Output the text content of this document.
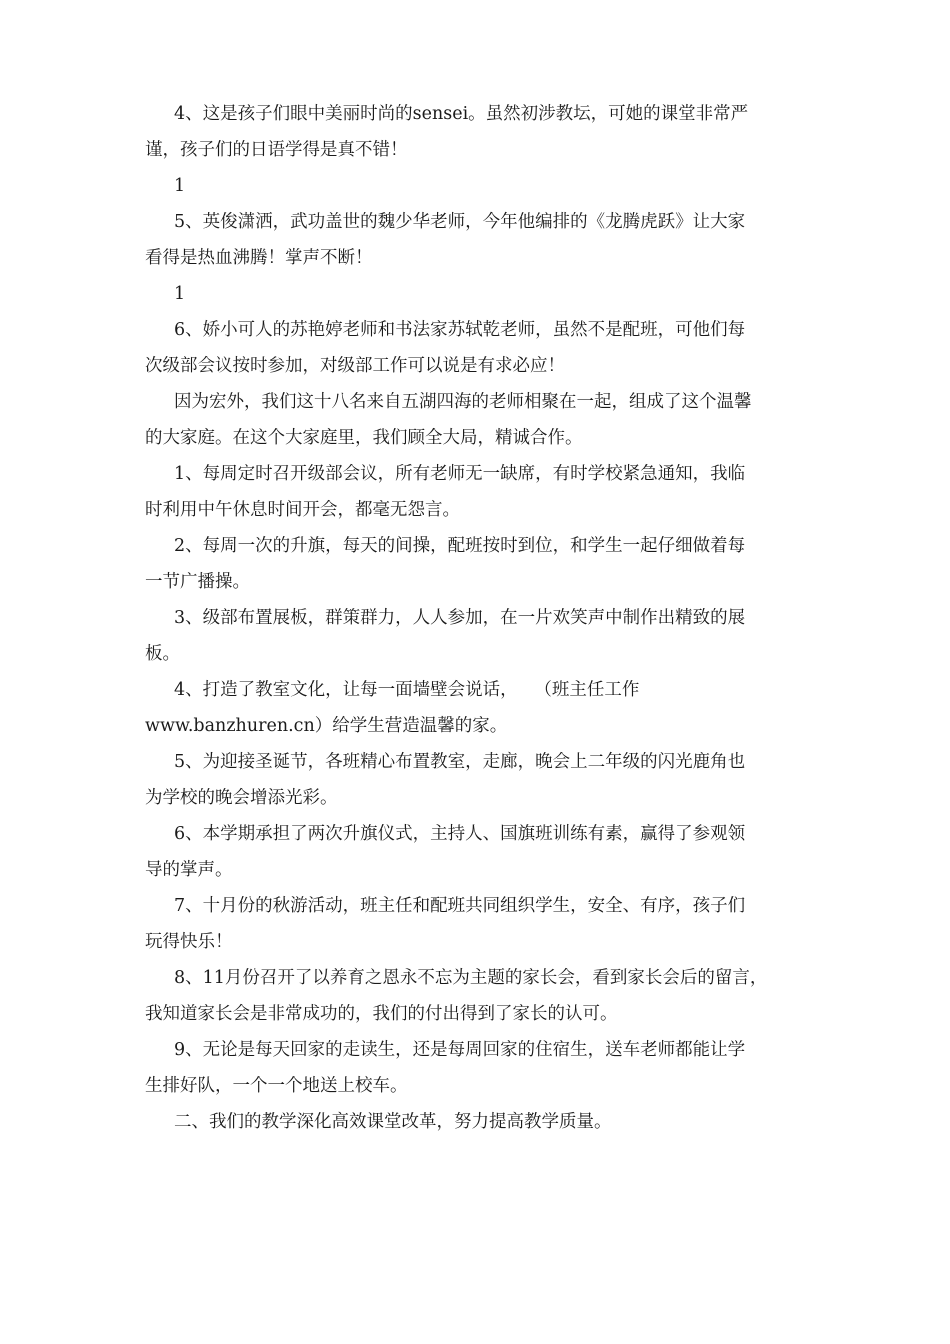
4、这是孩子们眼中美丽时尚的sensei。虽然初涉教坛，可她的课堂非常严
谨，孩子们的日语学得是真不错！
1
5、英俊潇洒，武功盖世的魏少华老师，今年他编排的《龙腾虎跃》让大家
看得是热血沸腾！掌声不断！
1
6、娇小可人的苏艳婷老师和书法家苏轼乾老师，虽然不是配班，可他们每
次级部会议按时参加，对级部工作可以说是有求必应！
因为宏外，我们这十八名来自五湖四海的老师相聚在一起，组成了这个温馨
的大家庭。在这个大家庭里，我们顾全大局，精诚合作。
1、每周定时召开级部会议，所有老师无一缺席，有时学校紧急通知，我临
时利用中午休息时间开会，都毫无怨言。
2、每周一次的升旗，每天的间操，配班按时到位，和学生一起仔细做着每
一节广播操。
3、级部布置展板，群策群力，人人参加，在一片欢笑声中制作出精致的展
板。
4、打造了教室文化，让每一面墙壁会说话，   （班主任工作
www.banzhuren.cn）给学生营造温馨的家。
5、为迎接圣诞节，各班精心布置教室，走廊，晚会上二年级的闪光鹿角也
为学校的晚会增添光彩。
6、本学期承担了两次升旗仪式，主持人、国旗班训练有素，赢得了参观领
导的掌声。
7、十月份的秋游活动，班主任和配班共同组织学生，安全、有序，孩子们
玩得快乐！
8、11月份召开了以养育之恩永不忘为主题的家长会，看到家长会后的留言，
我知道家长会是非常成功的，我们的付出得到了家长的认可。
9、无论是每天回家的走读生，还是每周回家的住宿生，送车老师都能让学
生排好队，一个一个地送上校车。
二、我们的教学深化高效课堂改革，努力提高教学质量。
